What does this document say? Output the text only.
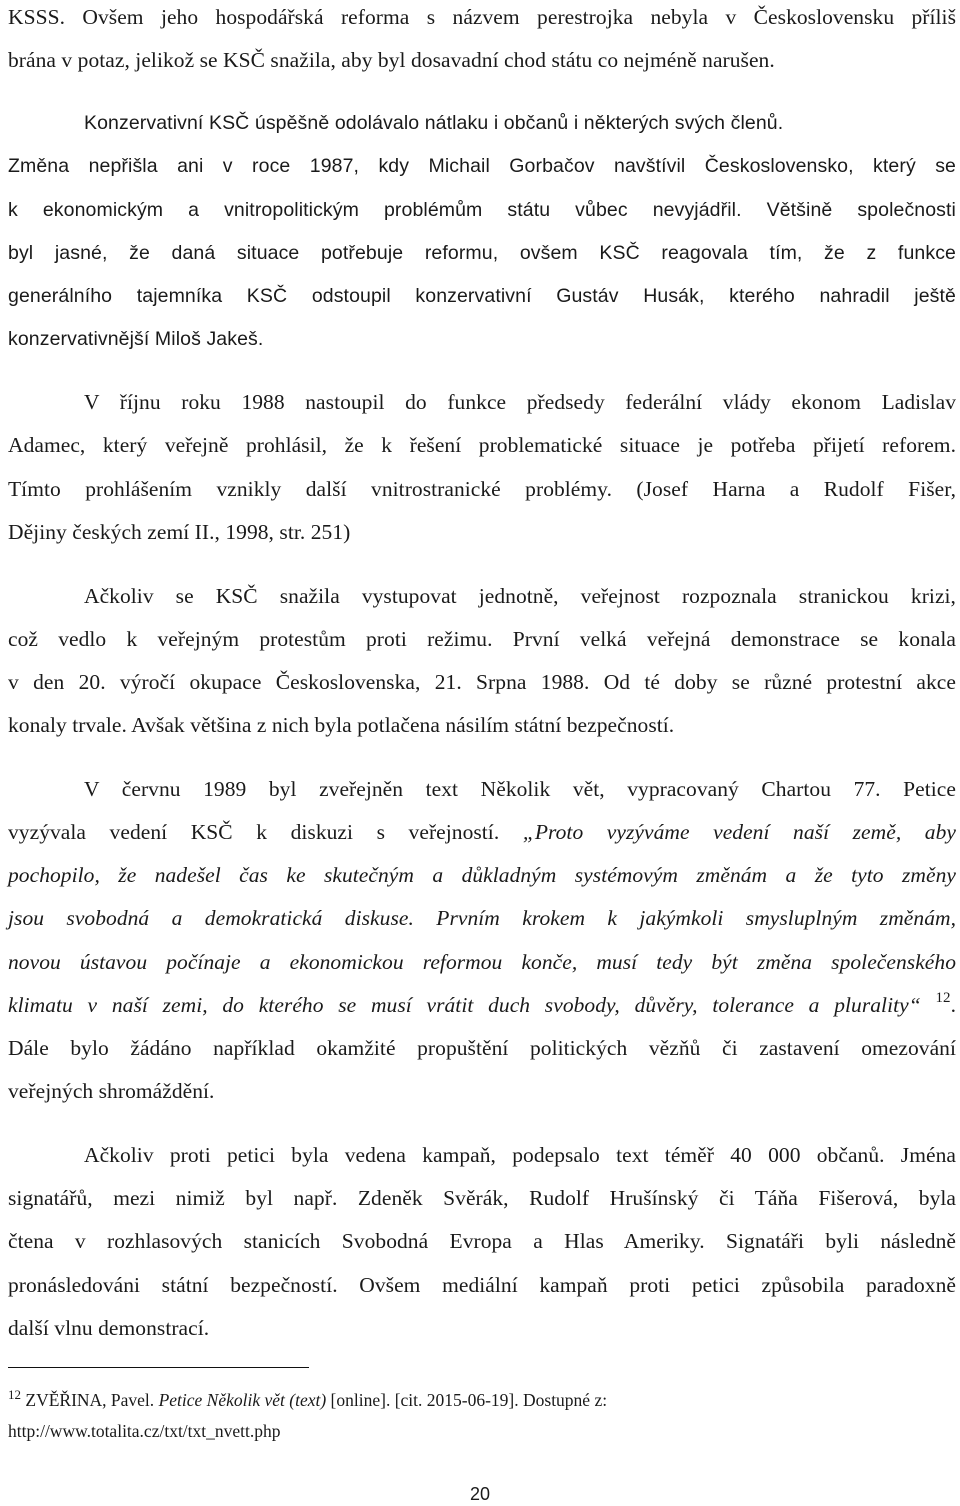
KSSS. Ovšem jeho hospodářská reforma s názvem perestrojka nebyla v Československu příliš
brána v potaz, jelikož se KSČ snažila, aby byl dosavadní chod státu co nejméně narušen.
Konzervativní KSČ úspěšně odolávalo nátlaku i občanů i některých svých členů.
Změna nepřišla ani v roce 1987, kdy Michail Gorbačov navštívil Československo, který se
k ekonomickým a vnitropolitickým problémům státu vůbec nevyjádřil. Většině společnosti
byl jasné, že daná situace potřebuje reformu, ovšem KSČ reagovala tím, že z funkce
generálního tajemníka KSČ odstoupil konzervativní Gustáv Husák, kterého nahradil ještě
konzervativnější Miloš Jakeš.
V říjnu roku 1988 nastoupil do funkce předsedy federální vlády ekonom Ladislav
Adamec, který veřejně prohlásil, že k řešení problematické situace je potřeba přijetí reforem.
Tímto prohlášením vznikly další vnitrostranické problémy. (Josef Harna a Rudolf Fišer,
Dějiny českých zemí II., 1998, str. 251)
Ačkoliv se KSČ snažila vystupovat jednotně, veřejnost rozpoznala stranickou krizi,
což vedlo k veřejným protestům proti režimu. První velká veřejná demonstrace se konala
v den 20. výročí okupace Československa, 21. Srpna 1988. Od té doby se různé protestní akce
konaly trvale. Avšak většina z nich byla potlačena násilím státní bezpečností.
V červnu 1989 byl zveřejněn text Několik vět, vypracovaný Chartou 77. Petice
vyzývala vedení KSČ k diskuzi s veřejností. „Proto vyzýváme vedení naší země, aby
pochopilo, že nadešel čas ke skutečným a důkladným systémovým změnám a že tyto změny
jsou svobodná a demokratická diskuse. Prvním krokem k jakýmkoli smysluplným změnám,
novou ústavou počínaje a ekonomickou reformou konče, musí tedy být změna společenského
klimatu v naší zemi, do kterého se musí vrátit duch svobody, důvěry, tolerance a plurality“ $^{12}$.
Dále bylo žádáno například okamžité propuštění politických vězňů či zastavení omezování
veřejných shromáždění.
Ačkoliv proti petici byla vedena kampaň, podepsalo text téměř 40 000 občanů. Jména
signatářů, mezi nimiž byl např. Zdeněk Svěrák, Rudolf Hrušínský či Táňa Fišerová, byla
čtena v rozhlasových stanicích Svobodná Evropa a Hlas Ameriky. Signatáři byli následně
pronásledováni státní bezpečností. Ovšem mediální kampaň proti petici způsobila paradoxně
další vlnu demonstrací.
$^{12}$ ZVĚŘINA, Pavel. Petice Několik vět (text) [online]. [cit. 2015-06-19]. Dostupné z:
http://www.totalita.cz/txt/txt_nvett.php
20
